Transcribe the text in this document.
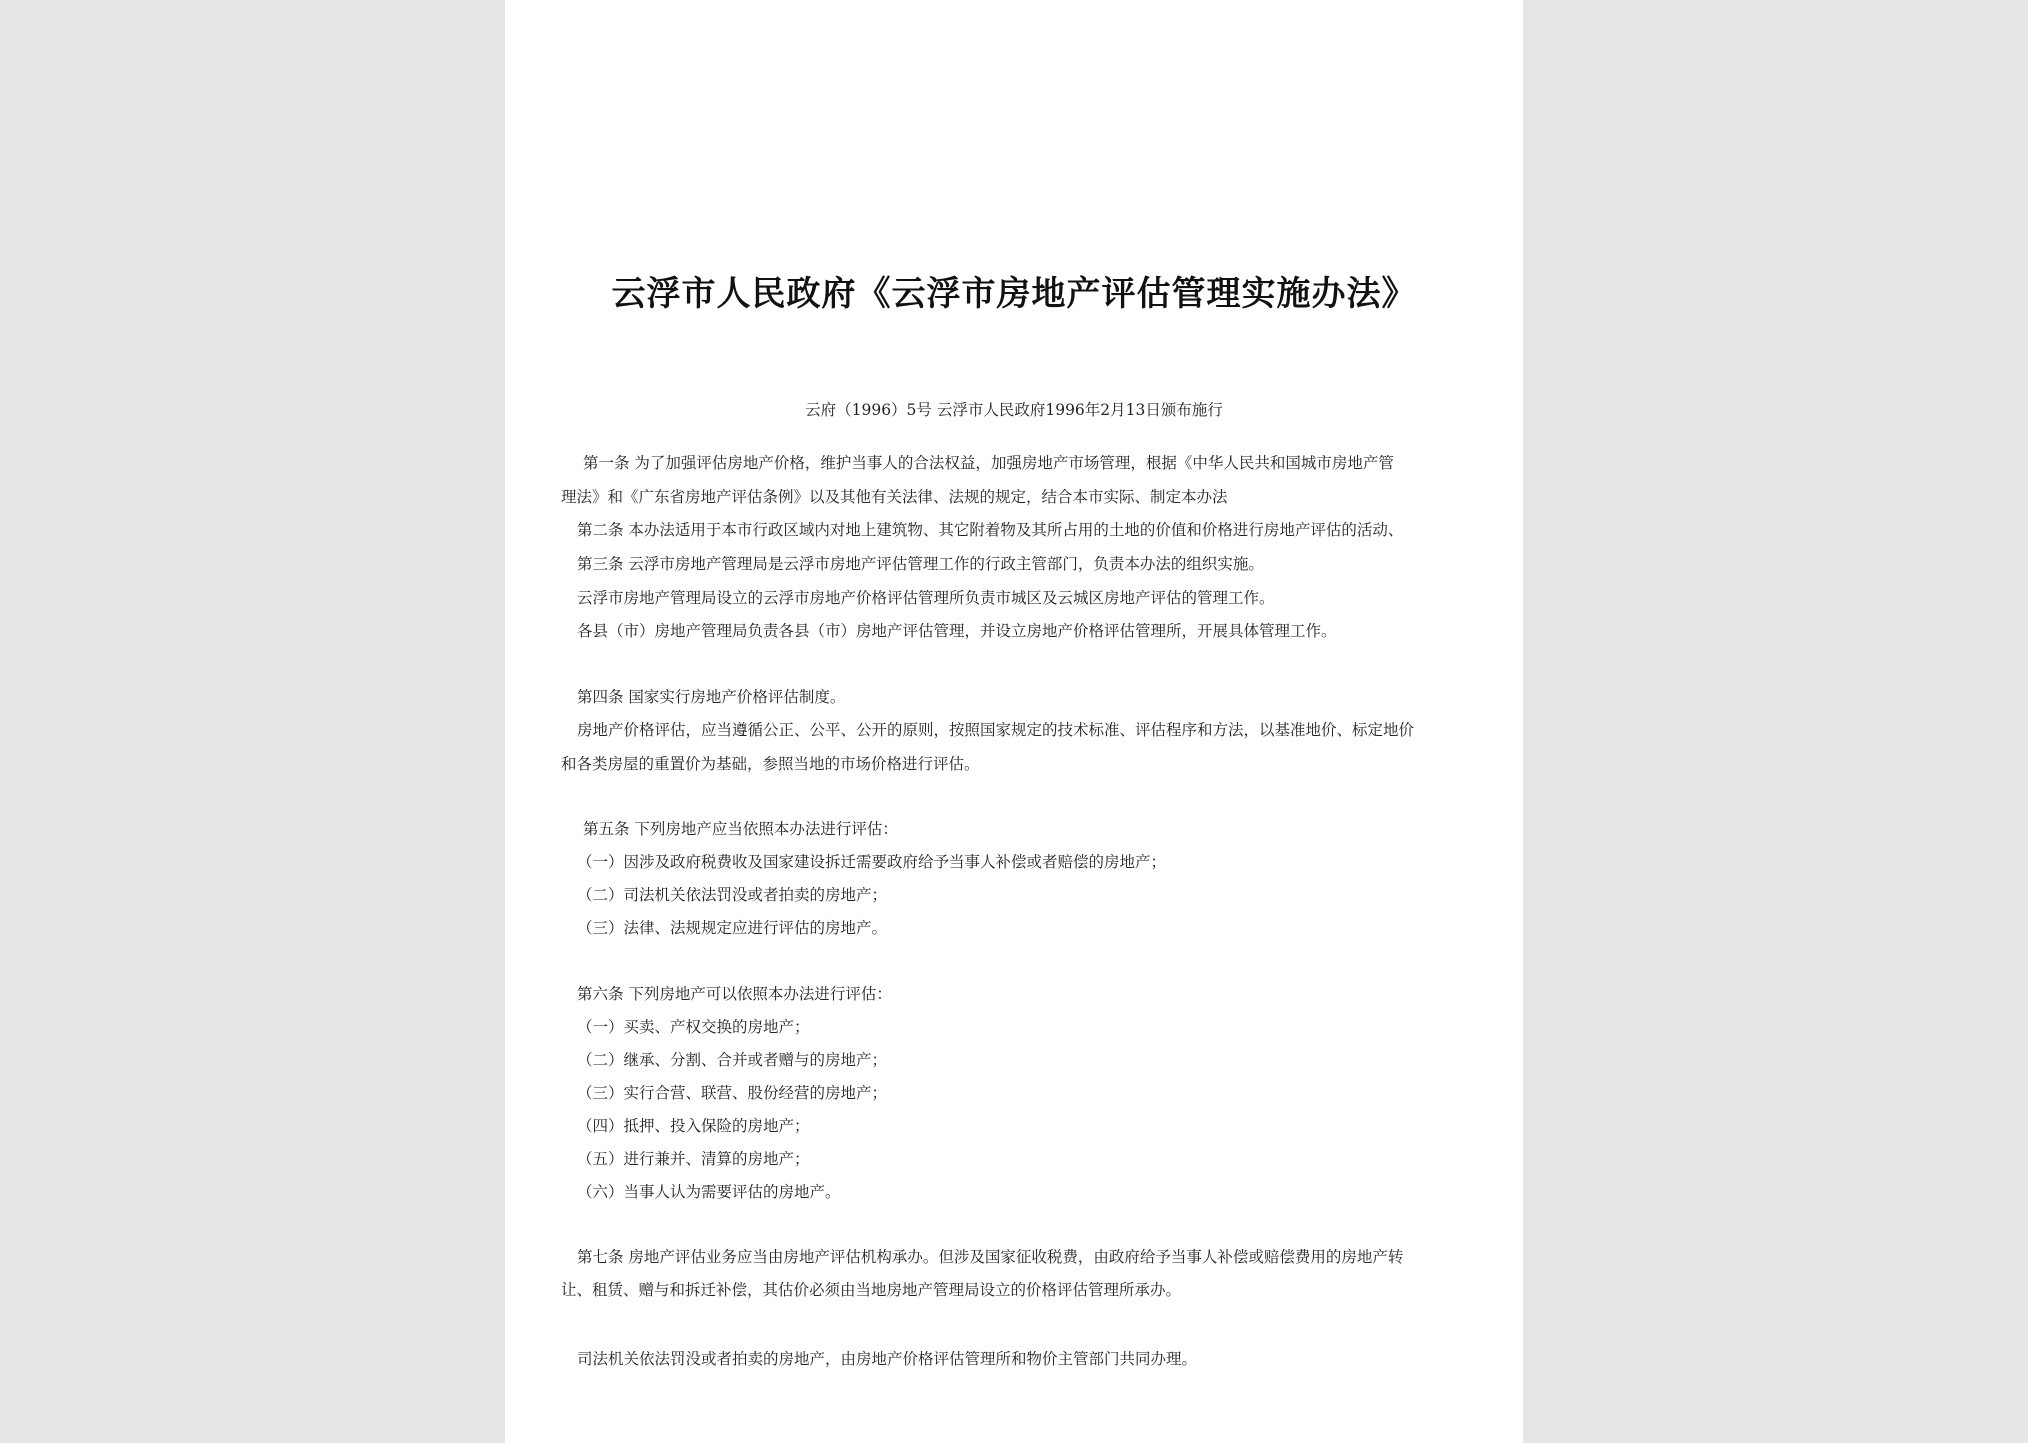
云浮市人民政府《云浮市房地产评估管理实施办法》
云府（1996）5号 云浮市人民政府1996年2月13日颁布施行
第一条 为了加强评估房地产价格，维护当事人的合法权益，加强房地产市场管理，根据《中华人民共和国城市房地产管
理法》和《广东省房地产评估条例》以及其他有关法律、法规的规定，结合本市实际、制定本办法
第二条 本办法适用于本市行政区域内对地上建筑物、其它附着物及其所占用的土地的价值和价格进行房地产评估的活动、
第三条 云浮市房地产管理局是云浮市房地产评估管理工作的行政主管部门，负责本办法的组织实施。
云浮市房地产管理局设立的云浮市房地产价格评估管理所负责市城区及云城区房地产评估的管理工作。
各县（市）房地产管理局负责各县（市）房地产评估管理，并设立房地产价格评估管理所，开展具体管理工作。
第四条 国家实行房地产价格评估制度。
房地产价格评估，应当遵循公正、公平、公开的原则，按照国家规定的技术标准、评估程序和方法，以基准地价、标定地价
和各类房屋的重置价为基础，参照当地的市场价格进行评估。
第五条 下列房地产应当依照本办法进行评估：
（一）因涉及政府税费收及国家建设拆迁需要政府给予当事人补偿或者赔偿的房地产；
（二）司法机关依法罚没或者拍卖的房地产；
（三）法律、法规规定应进行评估的房地产。
第六条 下列房地产可以依照本办法进行评估：
（一）买卖、产权交换的房地产；
（二）继承、分割、合并或者赠与的房地产；
（三）实行合营、联营、股份经营的房地产；
（四）抵押、投入保险的房地产；
（五）进行兼并、清算的房地产；
（六）当事人认为需要评估的房地产。
第七条 房地产评估业务应当由房地产评估机构承办。但涉及国家征收税费，由政府给予当事人补偿或赔偿费用的房地产转
让、租赁、赠与和拆迁补偿，其估价必须由当地房地产管理局设立的价格评估管理所承办。
司法机关依法罚没或者拍卖的房地产，由房地产价格评估管理所和物价主管部门共同办理。
